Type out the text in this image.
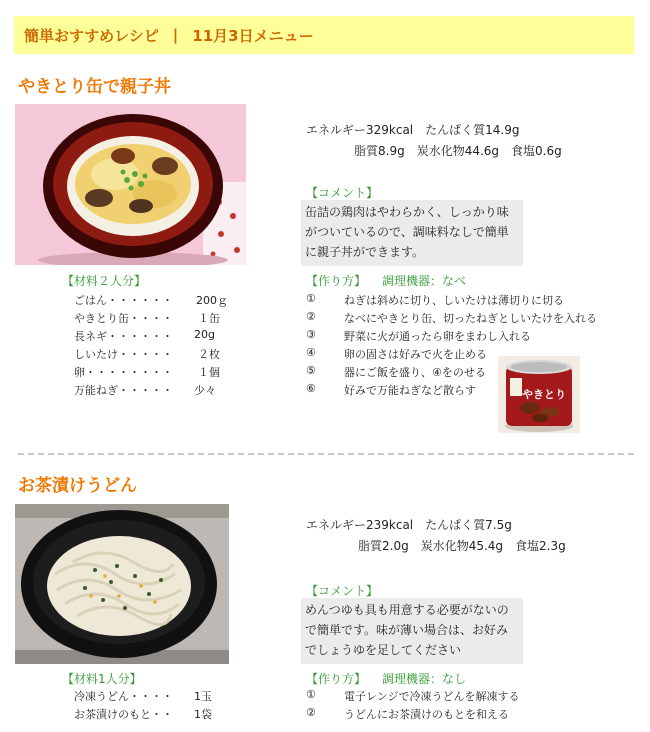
簡単おすすめレシピ | 11月3日メニュー
やきとり缶で親子丼
エネルギー329kcal　たんぱく質14.9g
脂質8.9g　炭水化物44.6g　食塩0.6g
【コメント】
缶詰の鶏肉はやわらかく、しっかり味
がついているので、調味料なしで簡単
に親子丼ができます。
【材料２人分】
ごはん・・・・・・ 200ｇ
やきとり缶・・・・ １缶
長ネギ・・・・・・ 20g
しいたけ・・・・・ ２枚
卵・・・・・・・・ １個
万能ねぎ・・・・・ 少々
【作り方】 調理機器：なべ
①	ねぎは斜めに切り、しいたけは薄切りに切る
②	なべにやきとり缶、切ったねぎとしいたけを入れる
③	野菜に火が通ったら卵をまわし入れる
④	卵の固さは好みで火を止める
⑤	器にご飯を盛り、④をのせる
⑥	好みで万能ねぎなど散らす	やきとり
お茶漬けうどん
エネルギー239kcal　たんぱく質7.5g
脂質2.0g　炭水化物45.4g　食塩2.3g
【コメント】
めんつゆも具も用意する必要がないの
で簡単です。味が薄い場合は、お好み
でしょうゆを足してください
【材料1人分】
冷凍うどん・・・・ 1玉
お茶漬けのもと・・ 1袋
【作り方】 調理機器：なし
①	電子レンジで冷凍うどんを解凍する
②	うどんにお茶漬けのもとを和える
